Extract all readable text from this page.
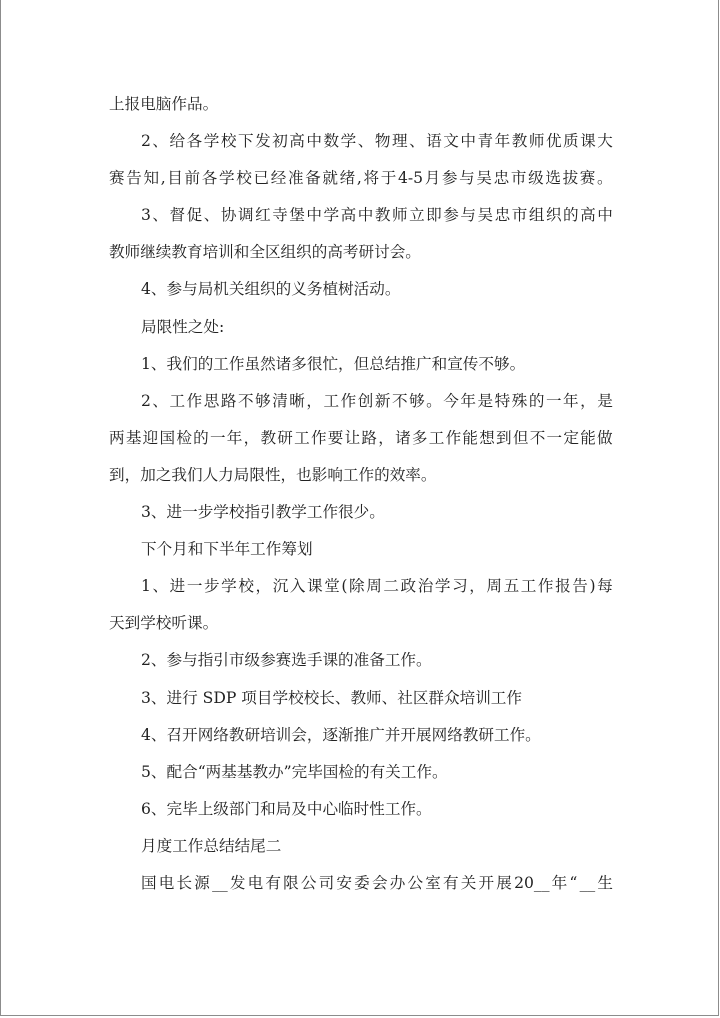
上报电脑作品。
2 、 给 各 学 校 下 发 初 高 中 数 学 、 物 理 、 语 文 中 青 年 教 师 优 质 课 大
赛 告 知 , 目 前 各 学 校 已 经 准 备 就 绪 , 将 于 4-5 月 参 与 吴 忠 市 级 选 拔 赛 。
3 、 督 促 、 协 调 红 寺 堡 中 学 高 中 教 师 立 即 参 与 吴 忠 市 组 织 的 高 中
教师继续教育培训和全区组织的高考研讨会。
4、参与局机关组织的义务植树活动。
局限性之处:
1、我们的工作虽然诸多很忙，但总结推广和宣传不够。
2 、 工 作 思 路 不 够 清 晰 ， 工 作 创 新 不 够 。 今 年 是 特 殊 的 一 年 ， 是
两 基 迎 国 检 的 一 年 ， 教 研 工 作 要 让 路 ， 诸 多 工 作 能 想 到 但 不 一 定 能 做
到，加之我们人力局限性，也影响工作的效率。
3、进一步学校指引教学工作很少。
下个月和下半年工作筹划
1 、 进 一 步 学 校 ， 沉 入 课 堂 ( 除 周 二 政 治 学 习 ， 周 五 工 作 报 告 ) 每
天到学校听课。
2、参与指引市级参赛选手课的准备工作。
3、进行 SDP 项目学校校长、教师、社区群众培训工作
4、召开网络教研培训会，逐渐推广并开展网络教研工作。
5、配合“两基基教办”完毕国检的有关工作。
6、完毕上级部门和局及中心临时性工作。
月度工作总结结尾二
国 电 长 源 __ 发 电 有 限 公 司 安 委 会 办 公 室 有 关 开 展 20__ 年 “ __ 生
